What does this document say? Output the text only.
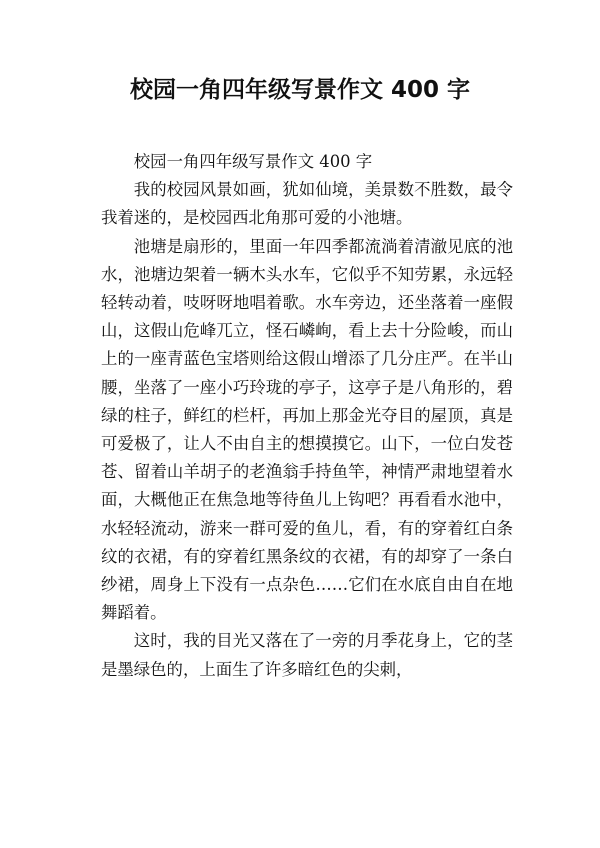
校园一角四年级写景作文 400 字

校园一角四年级写景作文 400 字

我的校园风景如画，犹如仙境，美景数不胜数，最令我着迷的，是校园西北角那可爱的小池塘。

池塘是扇形的，里面一年四季都流淌着清澈见底的池水，池塘边架着一辆木头水车，它似乎不知劳累，永远轻轻转动着，吱呀呀地唱着歌。水车旁边，还坐落着一座假山，这假山危峰兀立，怪石嶙峋，看上去十分险峻，而山上的一座青蓝色宝塔则给这假山增添了几分庄严。在半山腰，坐落了一座小巧玲珑的亭子，这亭子是八角形的，碧绿的柱子，鲜红的栏杆，再加上那金光夺目的屋顶，真是可爱极了，让人不由自主的想摸摸它。山下，一位白发苍苍、留着山羊胡子的老渔翁手持鱼竿，神情严肃地望着水面，大概他正在焦急地等待鱼儿上钩吧？再看看水池中，水轻轻流动，游来一群可爱的鱼儿，看，有的穿着红白条纹的衣裙，有的穿着红黑条纹的衣裙，有的却穿了一条白纱裙，周身上下没有一点杂色……它们在水底自由自在地舞蹈着。

这时，我的目光又落在了一旁的月季花身上，它的茎是墨绿色的，上面生了许多暗红色的尖刺，
